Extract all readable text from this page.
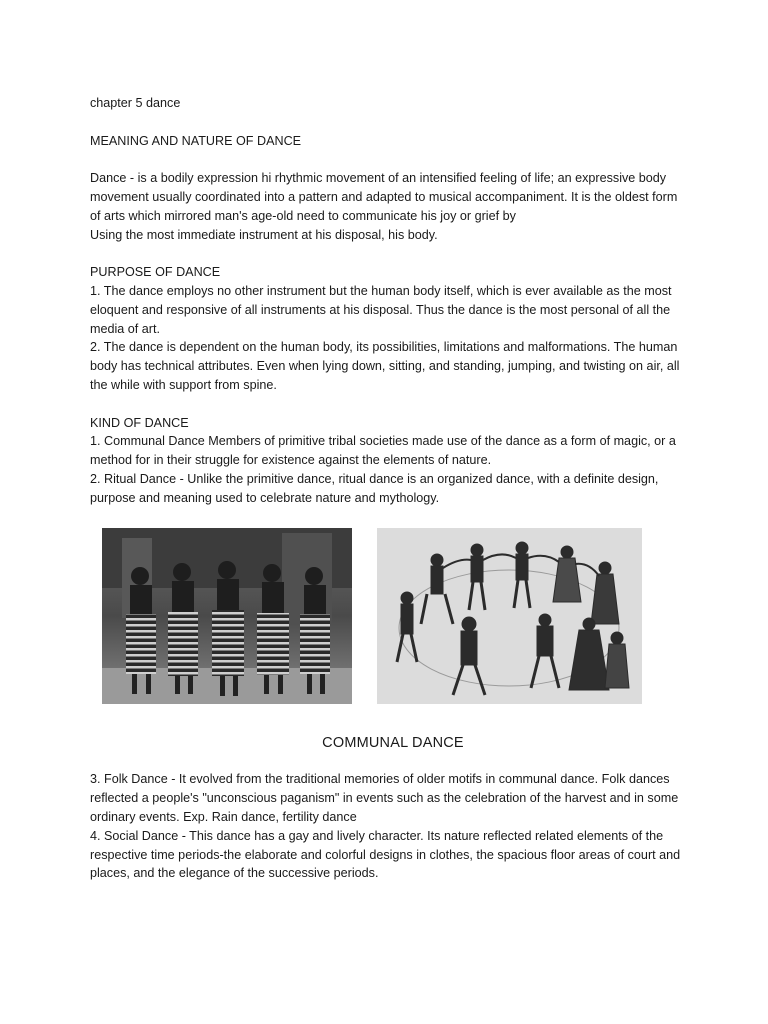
chapter 5 dance

MEANING AND NATURE OF DANCE

Dance - is a bodily expression hi rhythmic movement of an intensified feeling of life; an expressive body movement usually coordinated into a pattern and adapted to musical accompaniment. It is the oldest form of arts which mirrored man's age-old need to communicate his joy or grief by

Using the most immediate instrument at his disposal, his body.

PURPOSE OF DANCE

1. The dance employs no other instrument but the human body itself, which is ever available as the most eloquent and responsive of all instruments at his disposal. Thus the dance is the most personal of all the media of art.

2. The dance is dependent on the human body, its possibilities, limitations and malformations. The human body has technical attributes. Even when lying down, sitting, and standing, jumping, and twisting on air, all the while with support from spine.

KIND OF DANCE

1. Communal Dance Members of primitive tribal societies made use of the dance as a form of magic, or a method for in their struggle for existence against the elements of nature.

2. Ritual Dance - Unlike the primitive dance, ritual dance is an organized dance, with a definite design, purpose and meaning used to celebrate nature and mythology.

COMMUNAL DANCE

3. Folk Dance - It evolved from the traditional memories of older motifs in communal dance. Folk dances reflected a people's "unconscious paganism" in events such as the celebration of the harvest and in some ordinary events. Exp. Rain dance, fertility dance

4. Social Dance - This dance has a gay and lively character. Its nature reflected related elements of the respective time periods-the elaborate and colorful designs in clothes, the spacious floor areas of court and places, and the elegance of the successive periods.
